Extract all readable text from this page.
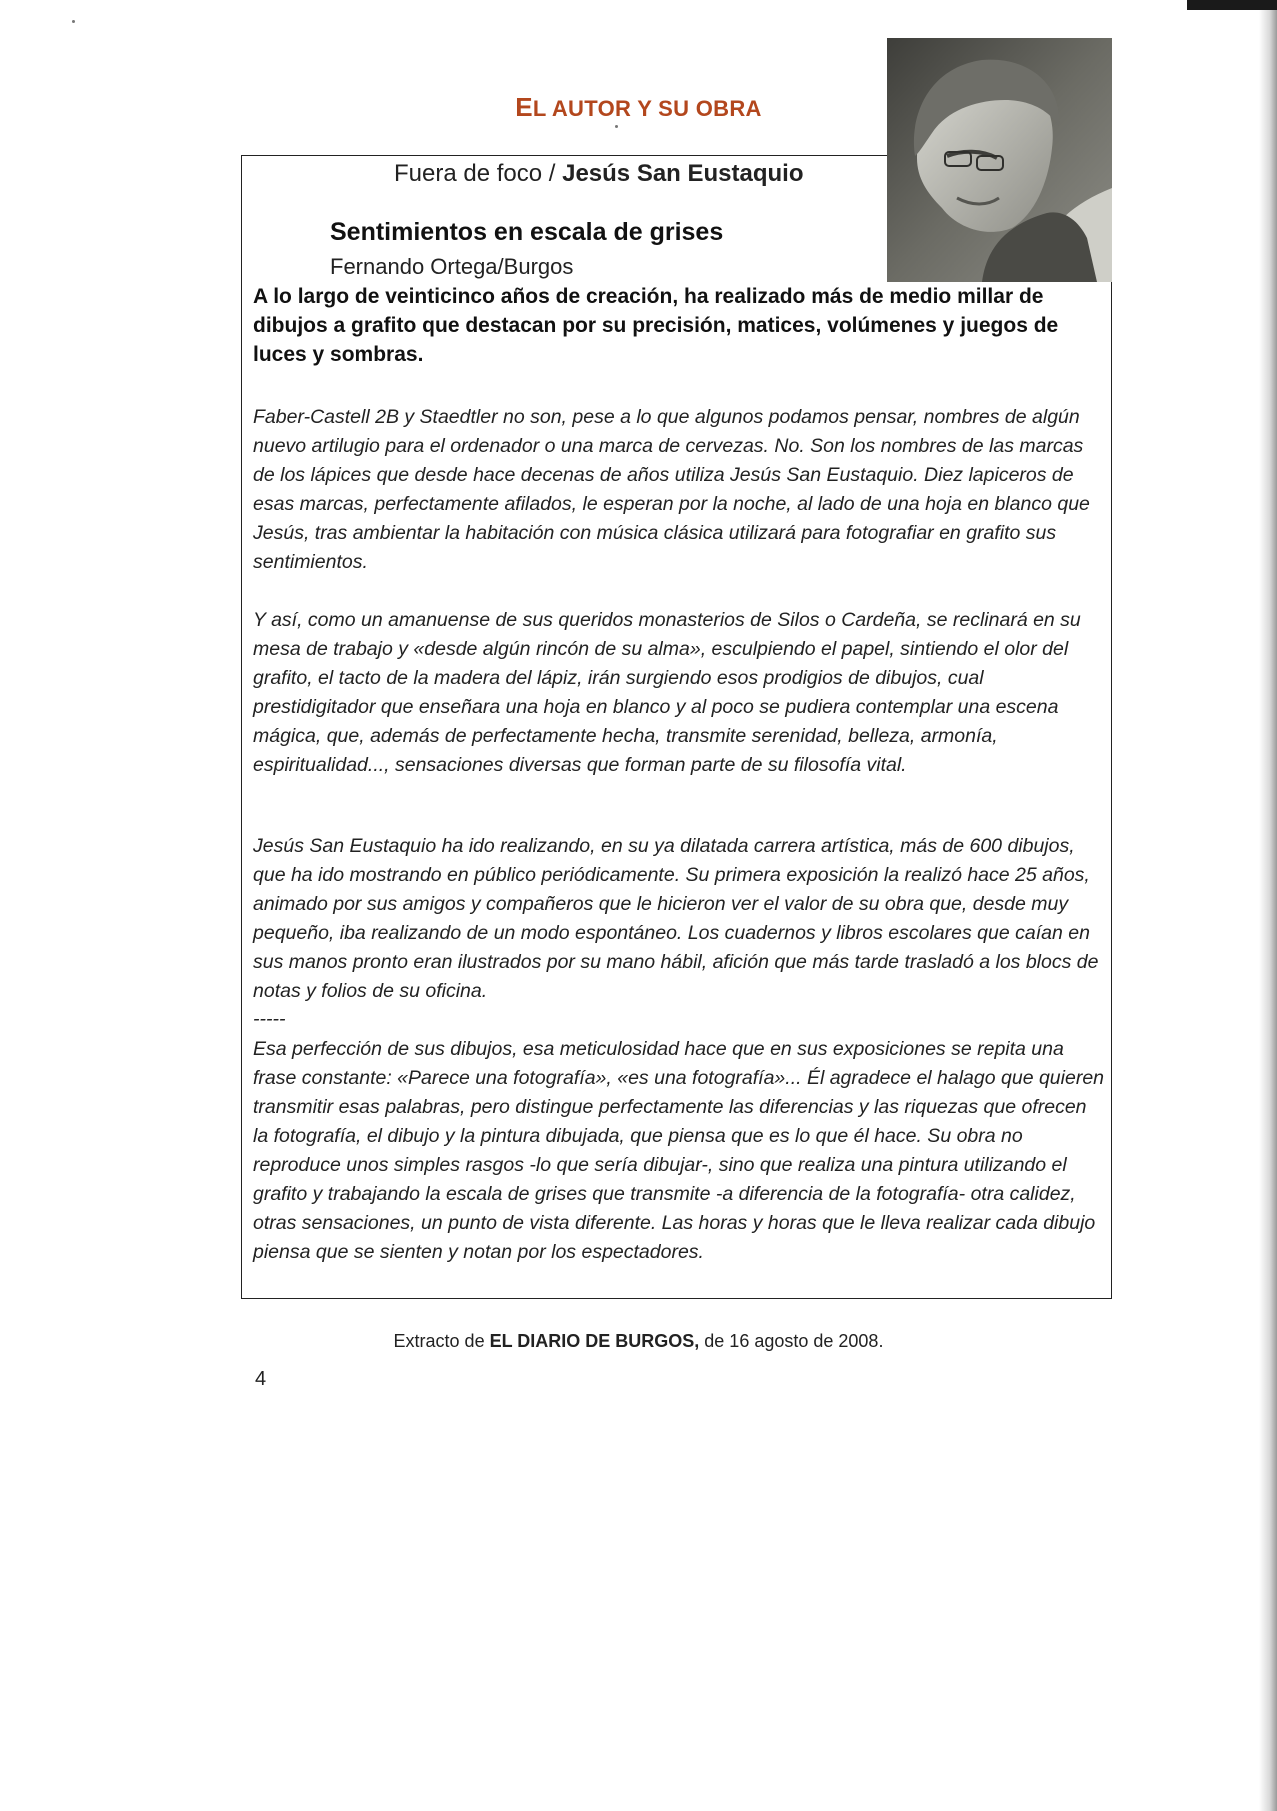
EL AUTOR Y SU OBRA
Fuera de foco / Jesús San Eustaquio
Sentimientos en escala de grises
Fernando Ortega/Burgos
A lo largo de veinticinco años de creación, ha realizado más de medio millar de dibujos a grafito que destacan por su precisión, matices, volúmenes y juegos de luces y sombras.
Faber-Castell 2B y Staedtler no son, pese a lo que algunos podamos pensar, nombres de algún nuevo artilugio para el ordenador o una marca de cervezas. No. Son los nombres de las marcas de los lápices que desde hace decenas de años utiliza Jesús San Eustaquio. Diez lapiceros de esas marcas, perfectamente afilados, le esperan por la noche, al lado de una hoja en blanco que Jesús, tras ambientar la habitación con música clásica utilizará para fotografiar en grafito sus sentimientos.
Y así, como un amanuense de sus queridos monasterios de Silos o Cardeña, se reclinará en su mesa de trabajo y «desde algún rincón de su alma», esculpiendo el papel, sintiendo el olor del grafito, el tacto de la madera del lápiz, irán surgiendo esos prodigios de dibujos, cual prestidigitador que enseñara una hoja en blanco y al poco se pudiera contemplar una escena mágica, que, además de perfectamente hecha, transmite serenidad, belleza, armonía, espiritualidad..., sensaciones diversas que forman parte de su filosofía vital.
Jesús San Eustaquio ha ido realizando, en su ya dilatada carrera artística, más de 600 dibujos, que ha ido mostrando en público periódicamente. Su primera exposición la realizó hace 25 años, animado por sus amigos y compañeros que le hicieron ver el valor de su obra que, desde muy pequeño, iba realizando de un modo espontáneo. Los cuadernos y libros escolares que caían en sus manos pronto eran ilustrados por su mano hábil, afición que más tarde trasladó a los blocs de notas y folios de su oficina.
-----
Esa perfección de sus dibujos, esa meticulosidad hace que en sus exposiciones se repita una frase constante: «Parece una fotografía», «es una fotografía»... Él agradece el halago que quieren transmitir esas palabras, pero distingue perfectamente las diferencias y las riquezas que ofrecen la fotografía, el dibujo y la pintura dibujada, que piensa que es lo que él hace. Su obra no reproduce unos simples rasgos -lo que sería dibujar-, sino que realiza una pintura utilizando el grafito y trabajando la escala de grises que transmite -a diferencia de la fotografía- otra calidez, otras sensaciones, un punto de vista diferente. Las horas y horas que le lleva realizar cada dibujo piensa que se sienten y notan por los espectadores.
Extracto de EL DIARIO DE BURGOS, de 16 agosto de 2008.
4
